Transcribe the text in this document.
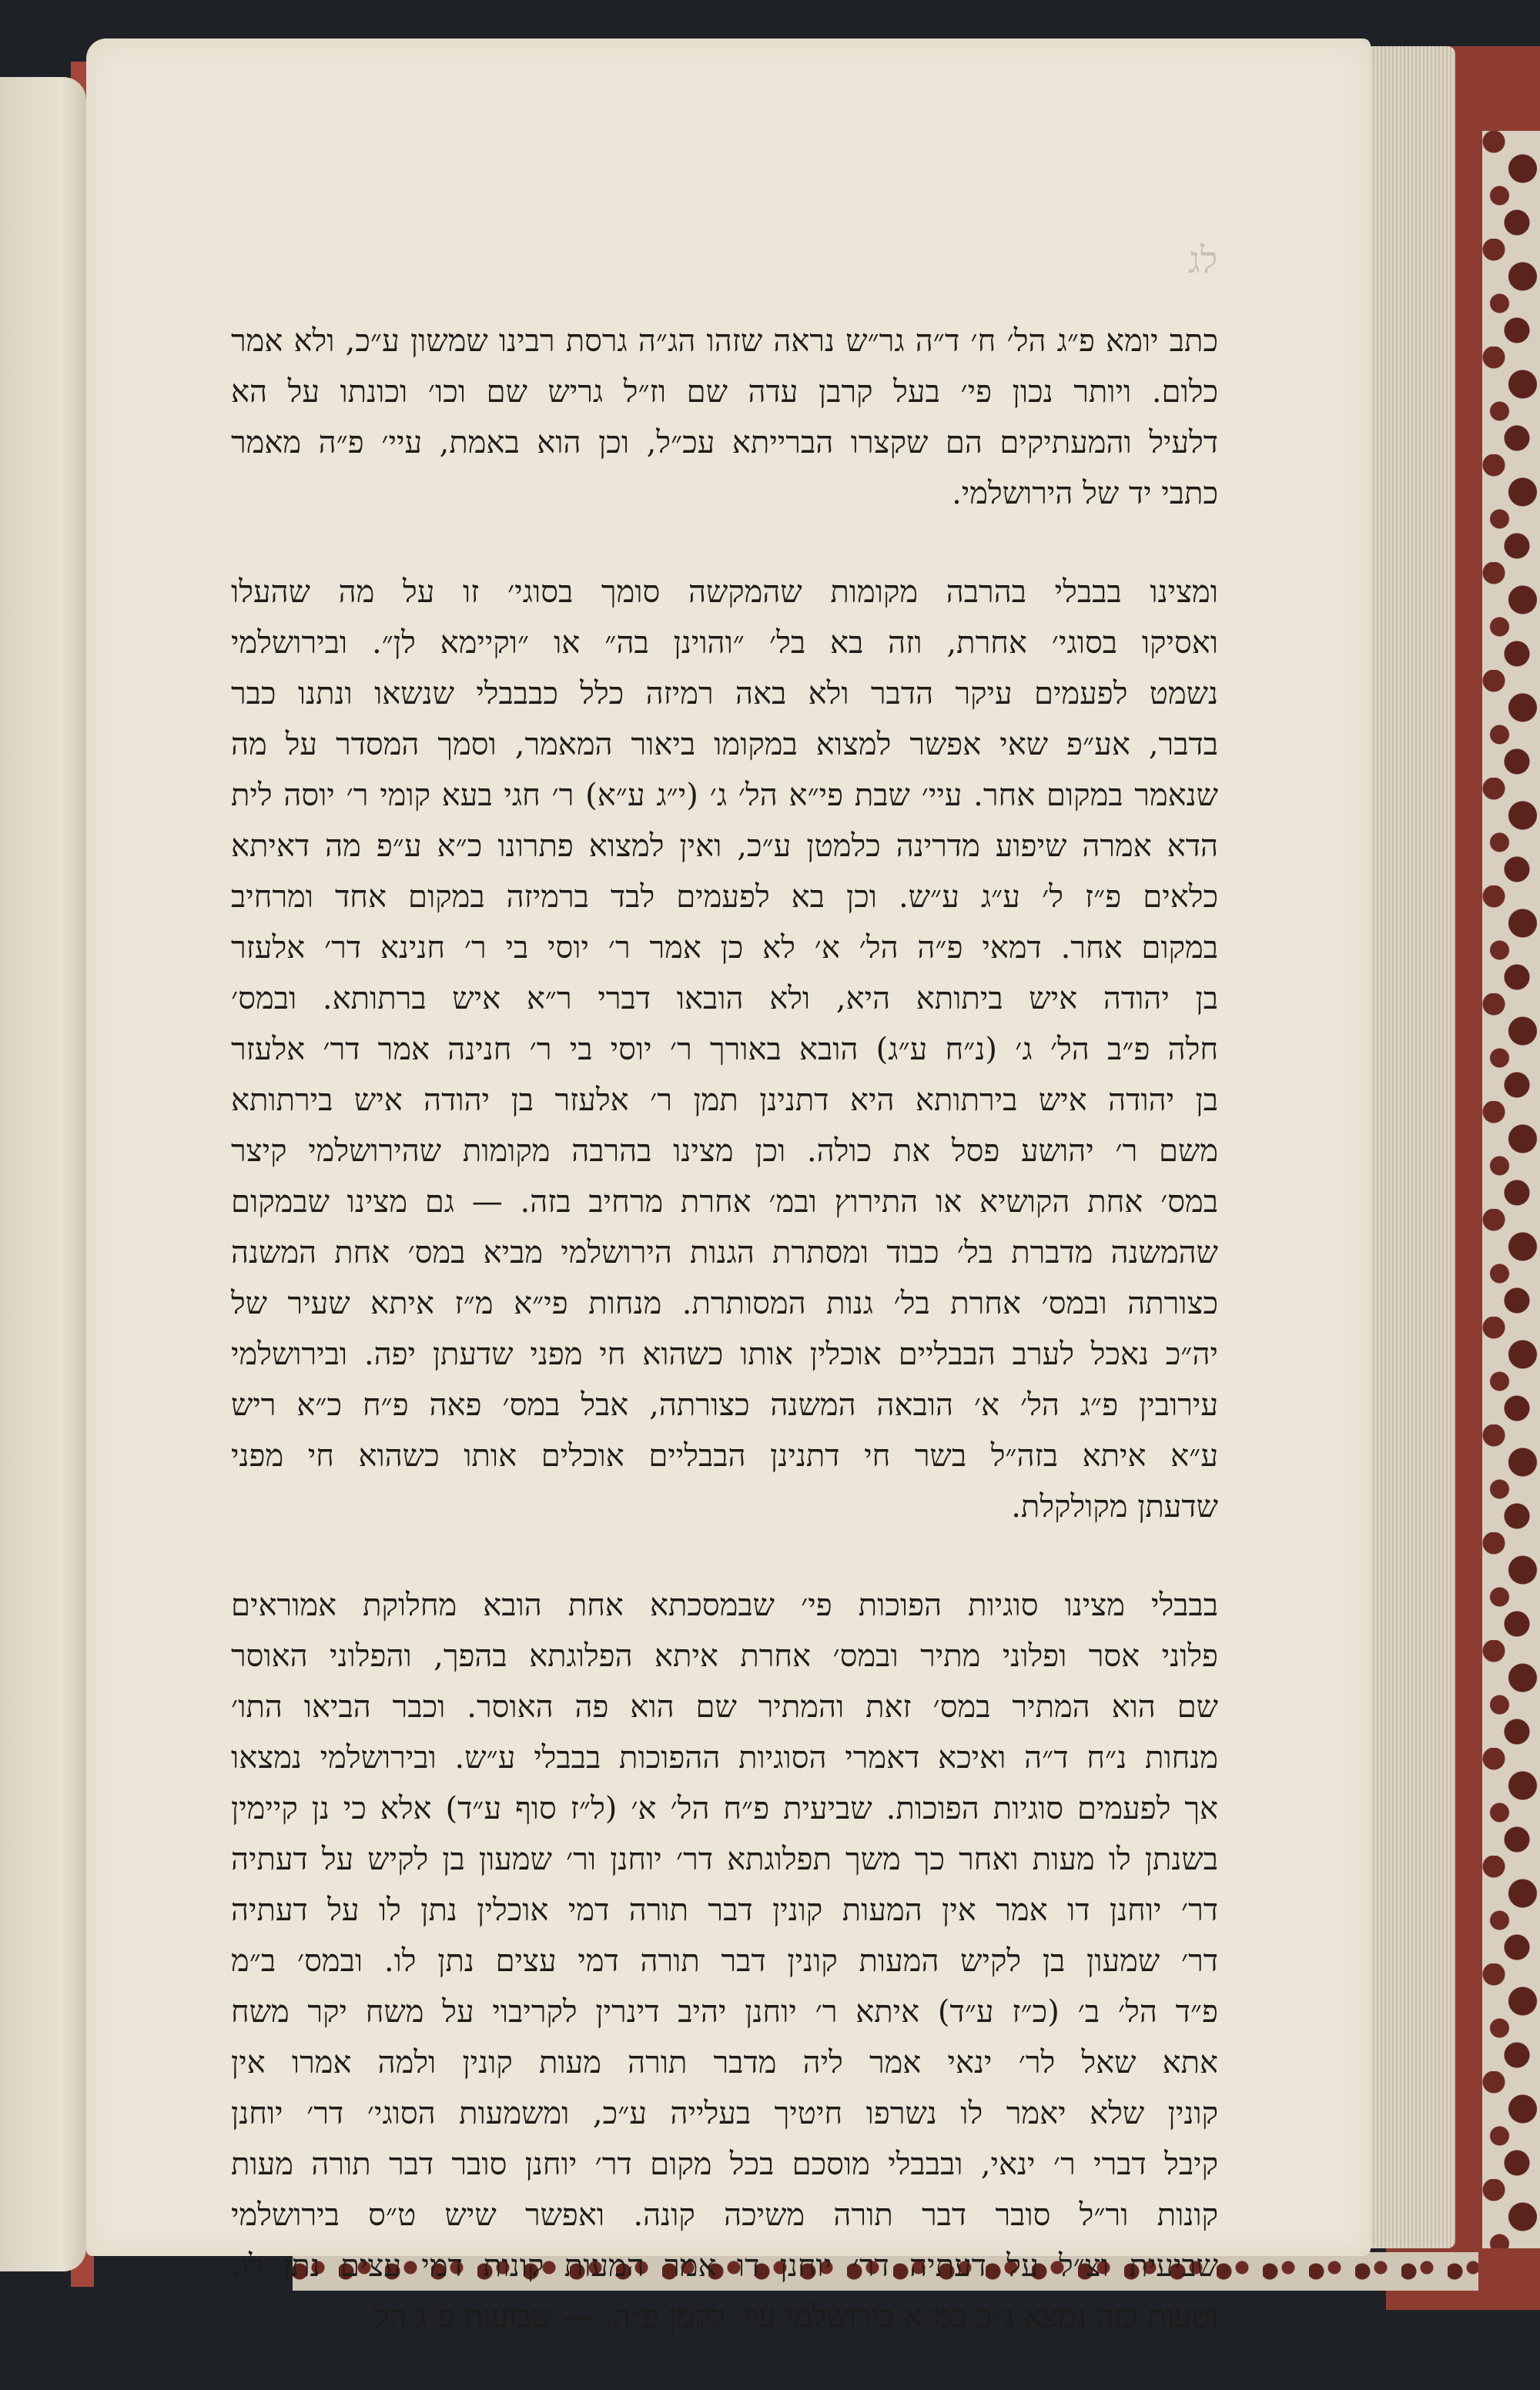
לג
כתב יומא פ״ג הל׳ ח׳ ד״ה גר״ש נראה שזהו הג״ה גרסת רבינו שמשון ע״כ, ולא אמר
כלום. ויותר נכון פי׳ בעל קרבן עדה שם וז״ל גריש שם וכו׳ וכונתו על הא
דלעיל והמעתיקים הם שקצרו הברייתא עכ״ל, וכן הוא באמת, עיי׳ פ״ה מאמר
כתבי יד של הירושלמי.
ומצינו בבבלי בהרבה מקומות שהמקשה סומך בסוגי׳ זו על מה שהעלו
ואסיקו בסוגי׳ אחרת, וזה בא בל׳ ״והוינן בה״ או ״וקיימא לן״. ובירושלמי
נשמט לפעמים עיקר הדבר ולא באה רמיזה כלל כבבבלי שנשאו ונתנו כבר
בדבר, אע״פ שאי אפשר למצוא במקומו ביאור המאמר, וסמך המסדר על מה
שנאמר במקום אחר. עיי׳ שבת פי״א הל׳ ג׳ (י״ג ע״א) ר׳ חגי בעא קומי ר׳ יוסה לית
הדא אמרה שיפוע מדרינה כלמטן ע״כ, ואין למצוא פתרונו כ״א ע״פ מה דאיתא
כלאים פ״ז ל׳ ע״ג ע״ש. וכן בא לפעמים לבד ברמיזה במקום אחד ומרחיב
במקום אחר. דמאי פ״ה הל׳ א׳ לא כן אמר ר׳ יוסי בי ר׳ חנינא דר׳ אלעזר
בן יהודה איש ביתותא היא, ולא הובאו דברי ר״א איש ברתותא. ובמס׳
חלה פ״ב הל׳ ג׳ (נ״ח ע״ג) הובא באורך ר׳ יוסי בי ר׳ חנינה אמר דר׳ אלעזר
בן יהודה איש בירתותא היא דתנינן תמן ר׳ אלעזר בן יהודה איש בירתותא
משם ר׳ יהושע פסל את כולה. וכן מצינו בהרבה מקומות שהירושלמי קיצר
במס׳ אחת הקושיא או התירוץ ובמ׳ אחרת מרחיב בזה. — גם מצינו שבמקום
שהמשנה מדברת בל׳ כבוד ומסתרת הגנות הירושלמי מביא במס׳ אחת המשנה
כצורתה ובמס׳ אחרת בל׳ גנות המסותרת. מנחות פי״א מ״ז איתא שעיר של
יה״כ נאכל לערב הבבליים אוכלין אותו כשהוא חי מפני שדעתן יפה. ובירושלמי
עירובין פ״ג הל׳ א׳ הובאה המשנה כצורתה, אבל במס׳ פאה פ״ח כ״א ריש
ע״א איתא בזה״ל בשר חי דתנינן הבבליים אוכלים אותו כשהוא חי מפני
שדעתן מקולקלת.
בבבלי מצינו סוגיות הפוכות פי׳ שבמסכתא אחת הובא מחלוקת אמוראים
פלוני אסר ופלוני מתיר ובמס׳ אחרת איתא הפלוגתא בהפך, והפלוני האוסר
שם הוא המתיר במס׳ זאת והמתיר שם הוא פה האוסר. וכבר הביאו התו׳
מנחות נ״ח ד״ה ואיכא דאמרי הסוגיות ההפוכות בבבלי ע״ש. ובירושלמי נמצאו
אך לפעמים סוגיות הפוכות. שביעית פ״ח הל׳ א׳ (ל״ז סוף ע״ד) אלא כי נן קיימין
בשנתן לו מעות ואחר כך משך תפלוגתא דר׳ יוחנן ור׳ שמעון בן לקיש על דעתיה
דר׳ יוחנן דו אמר אין המעות קונין דבר תורה דמי אוכלין נתן לו על דעתיה
דר׳ שמעון בן לקיש המעות קונין דבר תורה דמי עצים נתן לו. ובמס׳ ב״מ
פ״ד הל׳ ב׳ (כ״ז ע״ד) איתא ר׳ יוחנן יהיב דינרין לקריבוי על משח יקר משח
אתא שאל לר׳ ינאי אמר ליה מדבר תורה מעות קונין ולמה אמרו אין
קונין שלא יאמר לו נשרפו חיטיך בעלייה ע״כ, ומשמעות הסוגי׳ דר׳ יוחנן
קיבל דברי ר׳ ינאי, ובבבלי מוסכם בכל מקום דר׳ יוחנן סובר דבר תורה מעות
קונות ור״ל סובר דבר תורה משיכה קונה. ואפשר שיש ט״ס בירושלמי
שביעית וצ״ל על דעתיה דר׳ יוחנן דו אמר המעות קונות דמי עצים נתן לו.
וטעות כזה נמצא ג״כ במ״א בירושלמי עיי׳ לקמן פ״ה. — שבועות פ״ג הל׳
